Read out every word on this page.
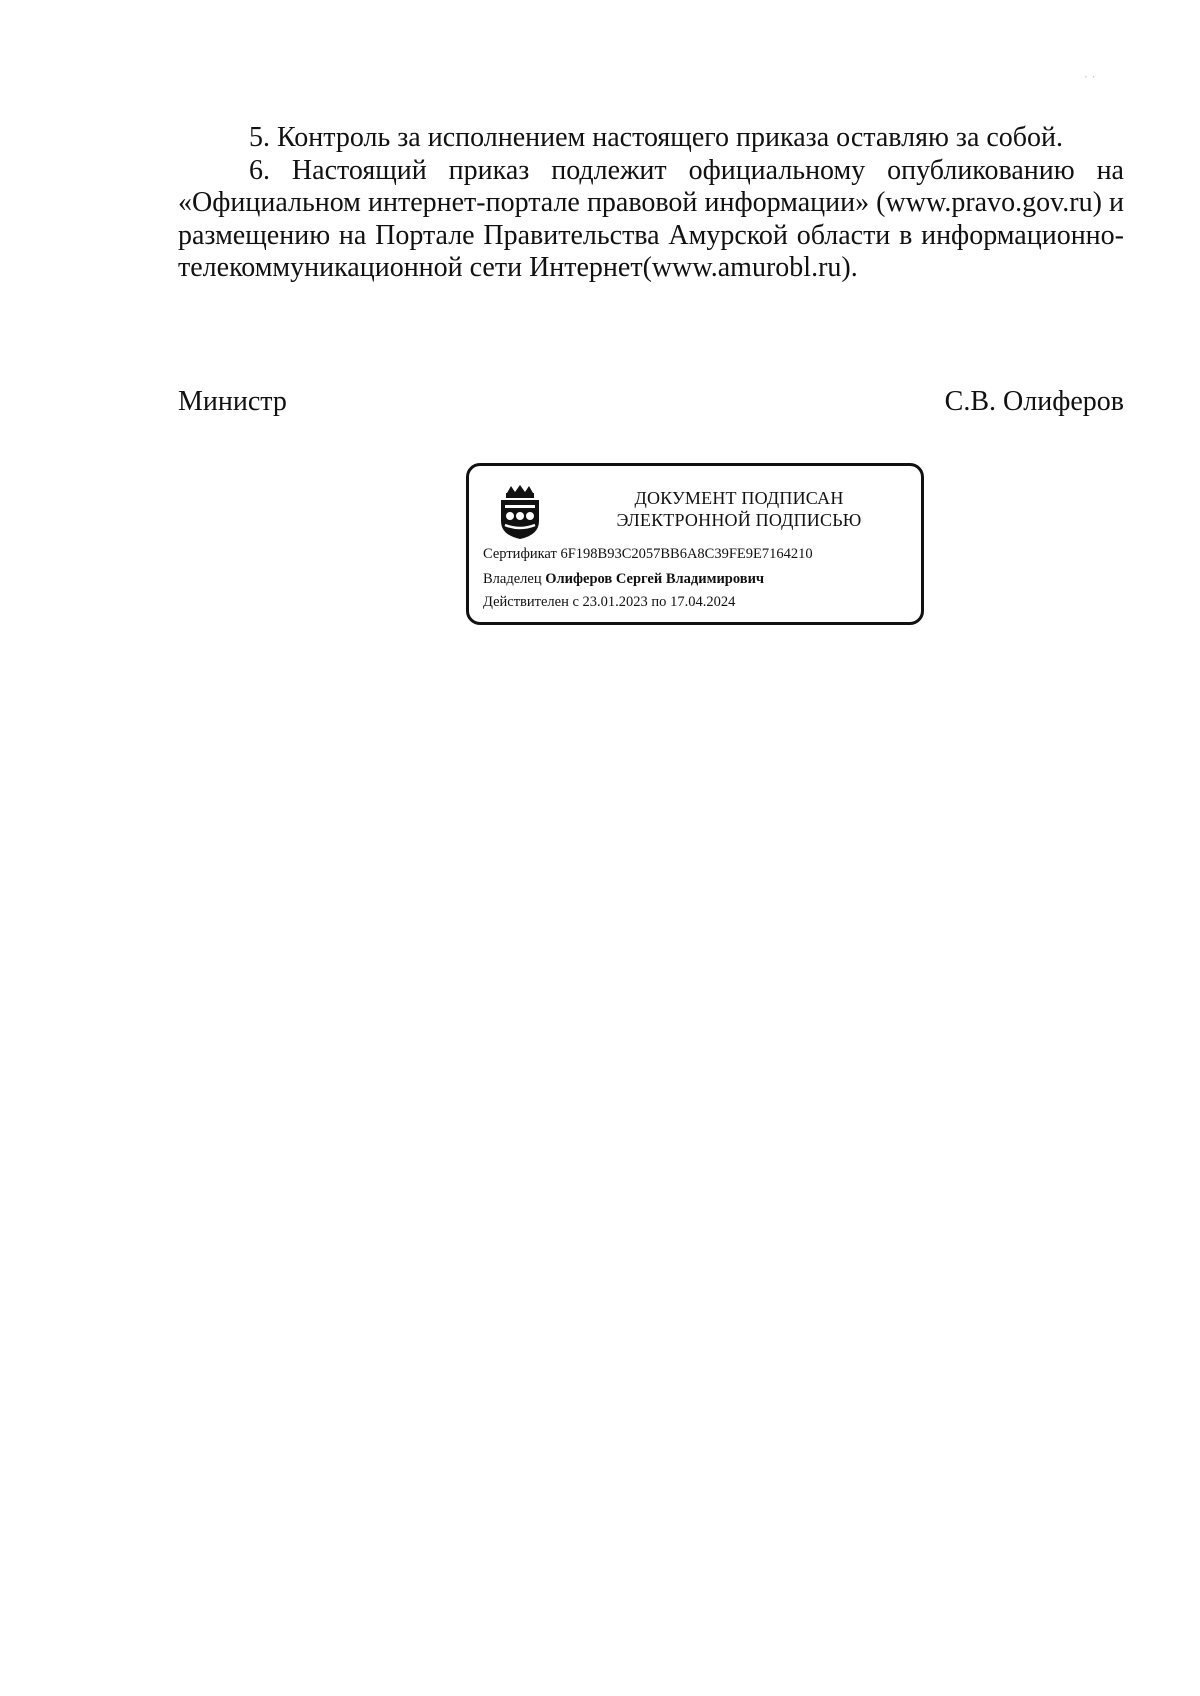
· ·

5. Контроль за исполнением настоящего приказа оставляю за собой.

6. Настоящий приказ подлежит официальному опубликованию на «Официальном интернет-портале правовой информации» (www.pravo.gov.ru) и размещению на Портале Правительства Амурской области в информационно-телекоммуникационной сети Интернет(www.amurobl.ru).

Министр	С.В. Олиферов
ДОКУМЕНТ ПОДПИСАН
ЭЛЕКТРОННОЙ ПОДПИСЬЮ
Сертификат 6F198B93C2057BB6A8C39FE9E7164210
Владелец Олиферов Сергей Владимирович
Действителен с 23.01.2023 по 17.04.2024
